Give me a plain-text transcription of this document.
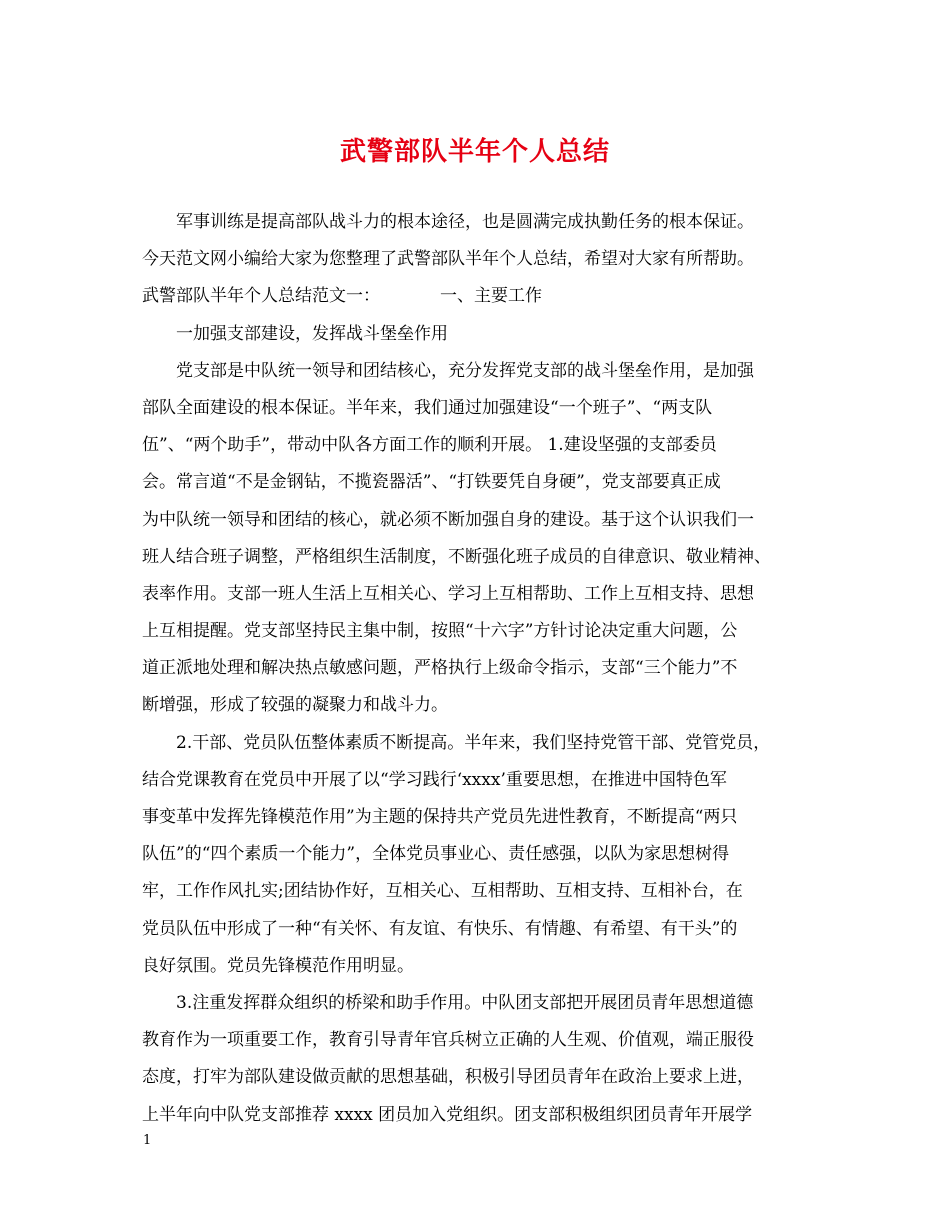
武警部队半年个人总结
军事训练是提高部队战斗力的根本途径，也是圆满完成执勤任务的根本保证。
今天范文网小编给大家为您整理了武警部队半年个人总结，希望对大家有所帮助。
武警部队半年个人总结范文一：	一、主要工作
一加强支部建设，发挥战斗堡垒作用
党支部是中队统一领导和团结核心，充分发挥党支部的战斗堡垒作用，是加强
部队全面建设的根本保证。半年来，我们通过加强建设“一个班子”、“两支队
伍”、“两个助手”，带动中队各方面工作的顺利开展。 1.建设坚强的支部委员
会。常言道“不是金钢钻，不揽瓷器活”、“打铁要凭自身硬”，党支部要真正成
为中队统一领导和团结的核心，就必须不断加强自身的建设。基于这个认识我们一
班人结合班子调整，严格组织生活制度，不断强化班子成员的自律意识、敬业精神、
表率作用。支部一班人生活上互相关心、学习上互相帮助、工作上互相支持、思想
上互相提醒。党支部坚持民主集中制，按照“十六字”方针讨论决定重大问题，公
道正派地处理和解决热点敏感问题，严格执行上级命令指示，支部“三个能力”不
断增强，形成了较强的凝聚力和战斗力。
2.干部、党员队伍整体素质不断提高。半年来，我们坚持党管干部、党管党员，
结合党课教育在党员中开展了以“学习践行‘xxxx’重要思想，在推进中国特色军
事变革中发挥先锋模范作用”为主题的保持共产党员先进性教育，不断提高“两只
队伍”的“四个素质一个能力”，全体党员事业心、责任感强，以队为家思想树得
牢，工作作风扎实;团结协作好，互相关心、互相帮助、互相支持、互相补台，在
党员队伍中形成了一种“有关怀、有友谊、有快乐、有情趣、有希望、有干头”的
良好氛围。党员先锋模范作用明显。
3.注重发挥群众组织的桥梁和助手作用。中队团支部把开展团员青年思想道德
教育作为一项重要工作，教育引导青年官兵树立正确的人生观、价值观，端正服役
态度，打牢为部队建设做贡献的思想基础，积极引导团员青年在政治上要求上进，
上半年向中队党支部推荐 xxxx 团员加入党组织。团支部积极组织团员青年开展学
1
